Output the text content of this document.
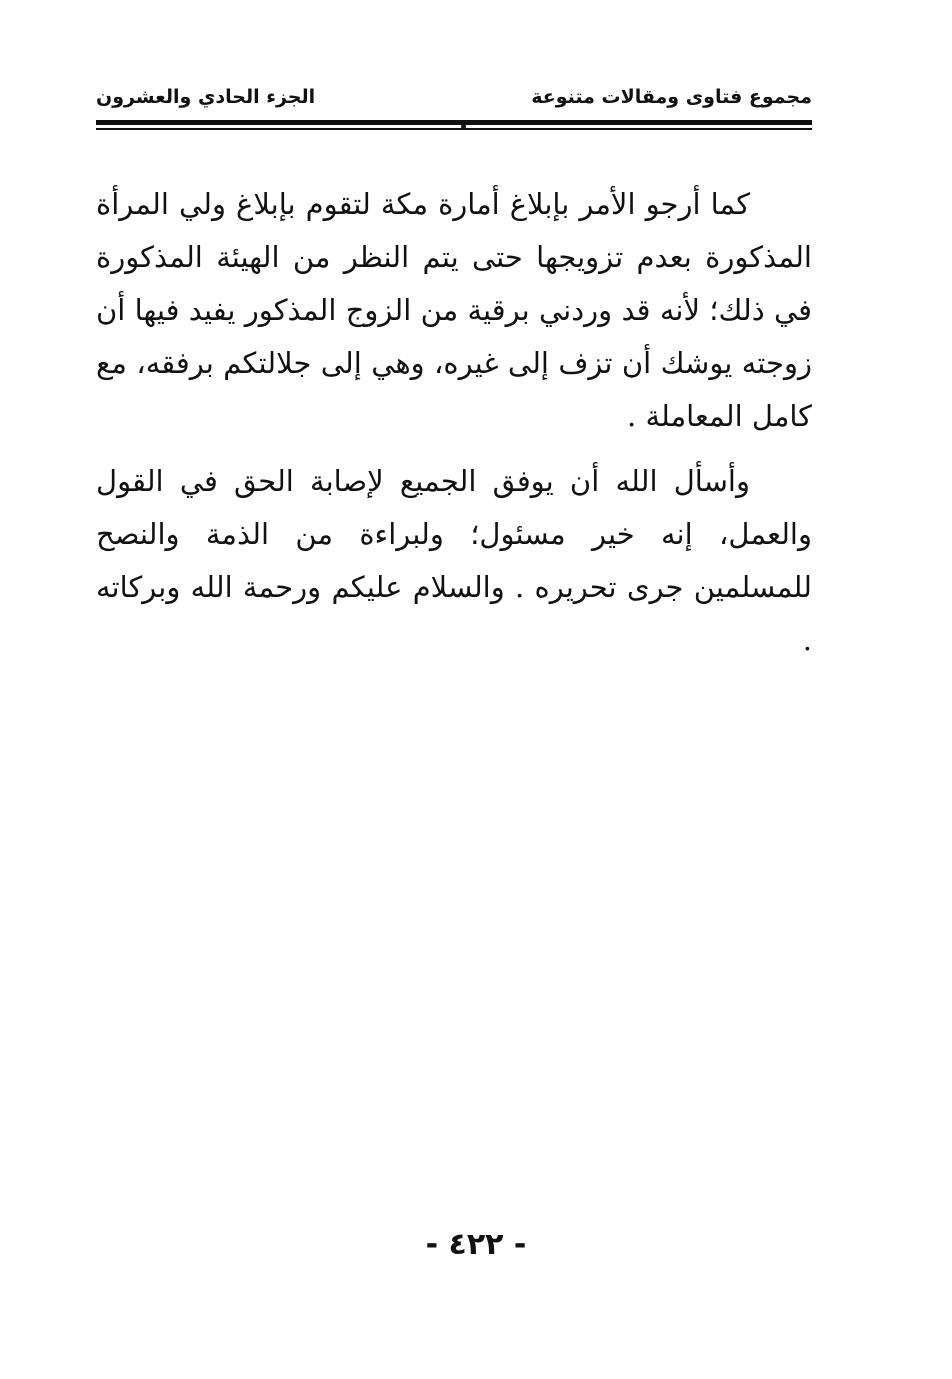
مجموع فتاوى ومقالات متنوعة
الجزء الحادي والعشرون

كما أرجو الأمر بإبلاغ أمارة مكة لتقوم بإبلاغ ولي المرأة المذكورة بعدم تزويجها حتى يتم النظر من الهيئة المذكورة في ذلك؛ لأنه قد وردني برقية من الزوج المذكور يفيد فيها أن زوجته يوشك أن تزف إلى غيره، وهي إلى جلالتكم برفقه، مع كامل المعاملة .

وأسأل الله أن يوفق الجميع لإصابة الحق في القول والعمل، إنه خير مسئول؛ ولبراءة من الذمة والنصح للمسلمين جرى تحريره . والسلام عليكم ورحمة الله وبركاته .

- ٤٢٢ -
